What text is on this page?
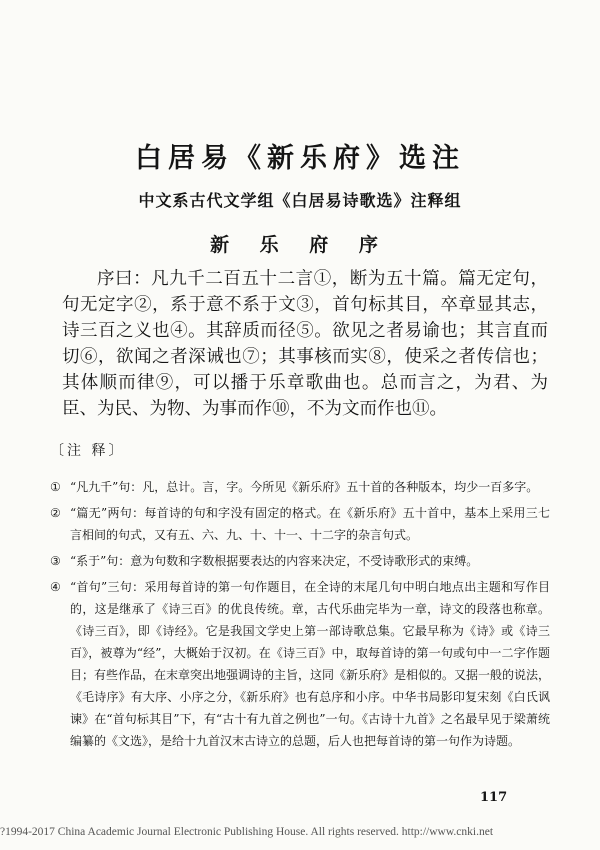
白居易《新乐府》选注
中文系古代文学组《白居易诗歌选》注释组
新 乐 府 序

序曰：凡九千二百五十二言①，断为五十篇。篇无定句，句无定字②，系于意不系于文③，首句标其目，卒章显其志，诗三百之义也④。其辞质而径⑤。欲见之者易谕也；其言直而切⑥，欲闻之者深诫也⑦；其事核而实⑧，使采之者传信也；其体顺而律⑨，可以播于乐章歌曲也。总而言之，为君、为臣、为民、为物、为事而作⑩，不为文而作也⑪。

〔注 释〕
① “凡九千”句：凡，总计。言，字。今所见《新乐府》五十首的各种版本，均少一百多字。
② “篇无”两句：每首诗的句和字没有固定的格式。在《新乐府》五十首中，基本上采用三七言相间的句式，又有五、六、九、十、十一、十二字的杂言句式。
③ “系于”句：意为句数和字数根据要表达的内容来决定，不受诗歌形式的束缚。
④ “首句”三句：采用每首诗的第一句作题目，在全诗的末尾几句中明白地点出主题和写作目的，这是继承了《诗三百》的优良传统。章，古代乐曲完毕为一章，诗文的段落也称章。《诗三百》，即《诗经》。它是我国文学史上第一部诗歌总集。它最早称为《诗》或《诗三百》，被尊为“经”，大概始于汉初。在《诗三百》中，取每首诗的第一句或句中一二字作题目；有些作品，在末章突出地强调诗的主旨，这同《新乐府》是相似的。又据一般的说法，《毛诗序》有大序、小序之分，《新乐府》也有总序和小序。中华书局影印复宋刻《白氏讽谏》在“首句标其目”下，有“古十有九首之例也”一句。《古诗十九首》之名最早见于梁萧统编纂的《文选》，是给十九首汉末古诗立的总题，后人也把每首诗的第一句作为诗题。
117
?1994-2017 China Academic Journal Electronic Publishing House. All rights reserved. http://www.cnki.net
